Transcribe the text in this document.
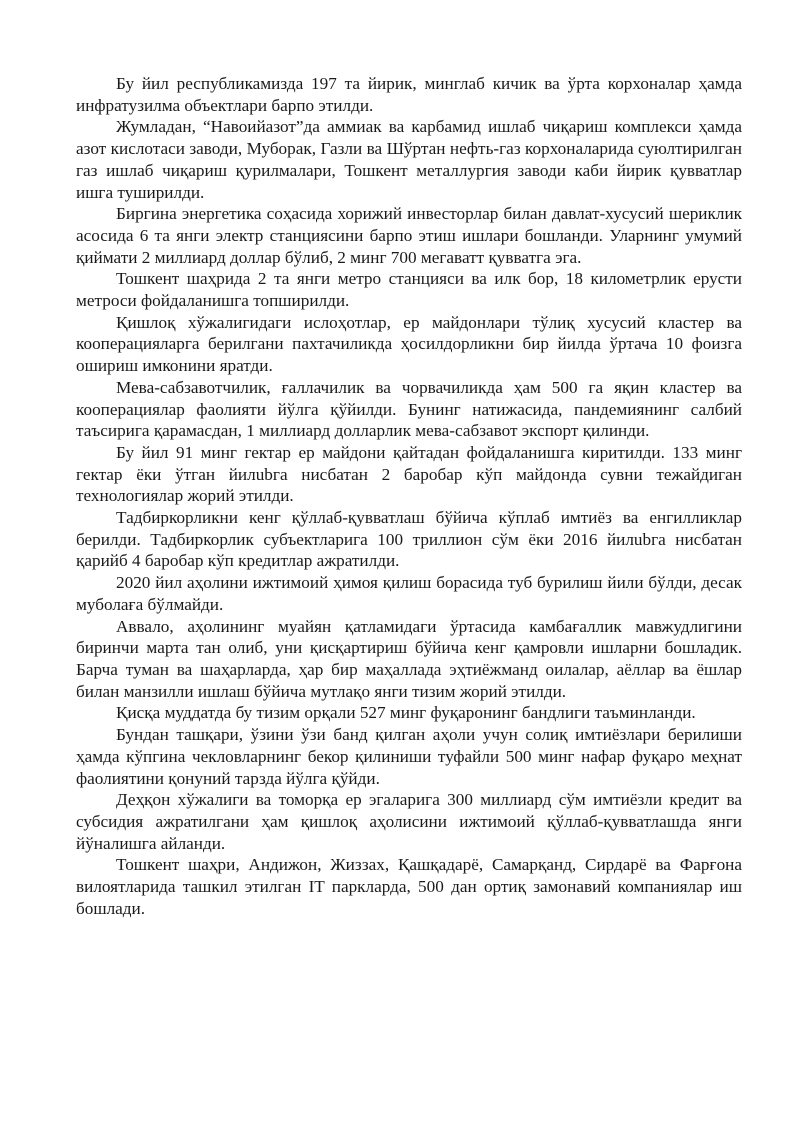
Бу йил республикамизда 197 та йирик, минглаб кичик ва ўрта корхоналар ҳамда инфратузилма объектлари барпо этилди.

Жумладан, “Навоийазот”да аммиак ва карбамид ишлаб чиқариш комплекси ҳамда азот кислотаси заводи, Муборак, Газли ва Шўртан нефть-газ корхоналарида суюлтирилган газ ишлаб чиқариш қурилмалари, Тошкент металлургия заводи каби йирик қувватлар ишга туширилди.

Биргина энергетика соҳасида хорижий инвесторлар билан давлат-хусусий шериклик асосида 6 та янги электр станциясини барпо этиш ишлари бошланди. Уларнинг умумий қиймати 2 миллиард доллар бўлиб, 2 минг 700 мегаватт қувватга эга.

Тошкент шаҳрида 2 та янги метро станцияси ва илк бор, 18 километрлик ерусти метроси фойдаланишга топширилди.

Қишлоқ хўжалигидаги ислоҳотлар, ер майдонлари тўлиқ хусусий кластер ва кооперацияларга берилгани пахтачиликда ҳосилдорликни бир йилда ўртача 10 фоизга ошириш имконини яратди.

Мева-сабзавотчилик, ғаллачилик ва чорвачиликда ҳам 500 га яқин кластер ва кооперациялар фаолияти йўлга қўйилди. Бунинг натижасида, пандемиянинг салбий таъсирига қарамасдан, 1 миллиард долларлик мева-сабзавот экспорт қилинди.

Бу йил 91 минг гектар ер майдони қайтадан фойдаланишга киритилди. 133 минг гектар ёки ўтган йилubга нисбатан 2 баробар кўп майдонда сувни тежайдиган технологиялар жорий этилди.

Тадбиркорликни кенг қўллаб-қувватлаш бўйича кўплаб имтиёз ва енгилликлар берилди. Тадбиркорлик субъектларига 100 триллион сўм ёки 2016 йилubга нисбатан қарийб 4 баробар кўп кредитлар ажратилди.

2020 йил аҳолини ижтимоий ҳимоя қилиш борасида туб бурилиш йили бўлди, десак муболаға бўлмайди.

Аввало, аҳолининг муайян қатламидаги ўртасида камбағаллик мавжудлигини биринчи марта тан олиб, уни қисқартириш бўйича кенг қамровли ишларни бошладик. Барча туман ва шаҳарларда, ҳар бир маҳаллада эҳтиёжманд оилалар, аёллар ва ёшлар билан манзилли ишлаш бўйича мутлақо янги тизим жорий этилди.

Қисқа муддатда бу тизим орқали 527 минг фуқаронинг бандлиги таъминланди.

Бундан ташқари, ўзини ўзи банд қилган аҳоли учун солиқ имтиёзлари берилиши ҳамда кўпгина чекловларнинг бекор қилиниши туфайли 500 минг нафар фуқаро меҳнат фаолиятини қонуний тарзда йўлга қўйди.

Деҳқон хўжалиги ва томорқа ер эгаларига 300 миллиард сўм имтиёзли кредит ва субсидия ажратилгани ҳам қишлоқ аҳолисини ижтимоий қўллаб-қувватлашда янги йўналишга айланди.

Тошкент шаҳри, Андижон, Жиззах, Қашқадарё, Самарқанд, Сирдарё ва Фарғона вилоятларида ташкил этилган IT паркларда, 500 дан ортиқ замонавий компаниялар иш бошлади.
